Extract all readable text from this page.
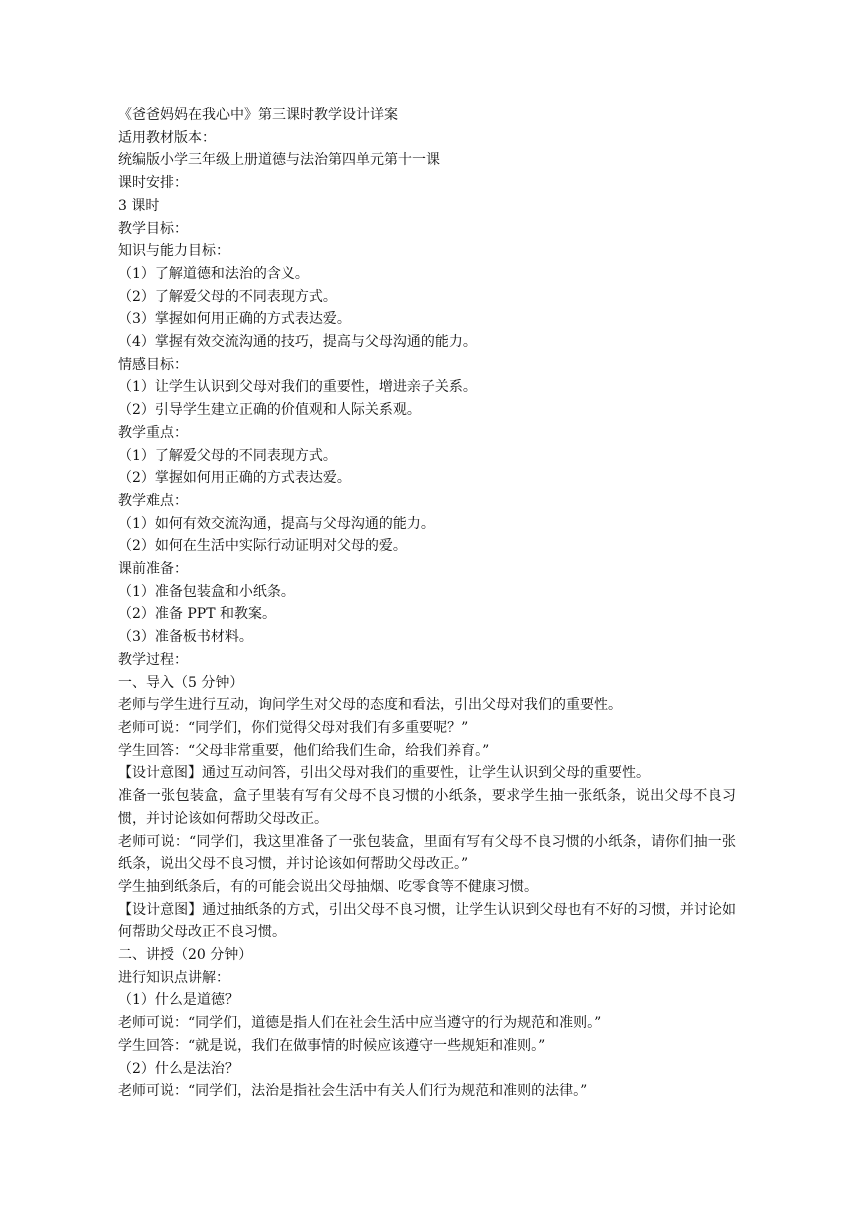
《爸爸妈妈在我心中》第三课时教学设计详案
适用教材版本：
统编版小学三年级上册道德与法治第四单元第十一课
课时安排：
3 课时
教学目标：
知识与能力目标：
（1）了解道德和法治的含义。
（2）了解爱父母的不同表现方式。
（3）掌握如何用正确的方式表达爱。
（4）掌握有效交流沟通的技巧，提高与父母沟通的能力。
情感目标：
（1）让学生认识到父母对我们的重要性，增进亲子关系。
（2）引导学生建立正确的价值观和人际关系观。
教学重点：
（1）了解爱父母的不同表现方式。
（2）掌握如何用正确的方式表达爱。
教学难点：
（1）如何有效交流沟通，提高与父母沟通的能力。
（2）如何在生活中实际行动证明对父母的爱。
课前准备：
（1）准备包装盒和小纸条。
（2）准备 PPT 和教案。
（3）准备板书材料。
教学过程：
一、导入（5 分钟）
老师与学生进行互动，询问学生对父母的态度和看法，引出父母对我们的重要性。
老师可说：“同学们，你们觉得父母对我们有多重要呢？”
学生回答：“父母非常重要，他们给我们生命，给我们养育。”
【设计意图】通过互动问答，引出父母对我们的重要性，让学生认识到父母的重要性。
准备一张包装盒，盒子里装有写有父母不良习惯的小纸条，要求学生抽一张纸条，说出父母不良习惯，并讨论该如何帮助父母改正。
老师可说：“同学们，我这里准备了一张包装盒，里面有写有父母不良习惯的小纸条，请你们抽一张纸条，说出父母不良习惯，并讨论该如何帮助父母改正。”
学生抽到纸条后，有的可能会说出父母抽烟、吃零食等不健康习惯。
【设计意图】通过抽纸条的方式，引出父母不良习惯，让学生认识到父母也有不好的习惯，并讨论如何帮助父母改正不良习惯。
二、讲授（20 分钟）
进行知识点讲解：
（1）什么是道德？
老师可说：“同学们，道德是指人们在社会生活中应当遵守的行为规范和准则。”
学生回答：“就是说，我们在做事情的时候应该遵守一些规矩和准则。”
（2）什么是法治？
老师可说：“同学们，法治是指社会生活中有关人们行为规范和准则的法律。”
